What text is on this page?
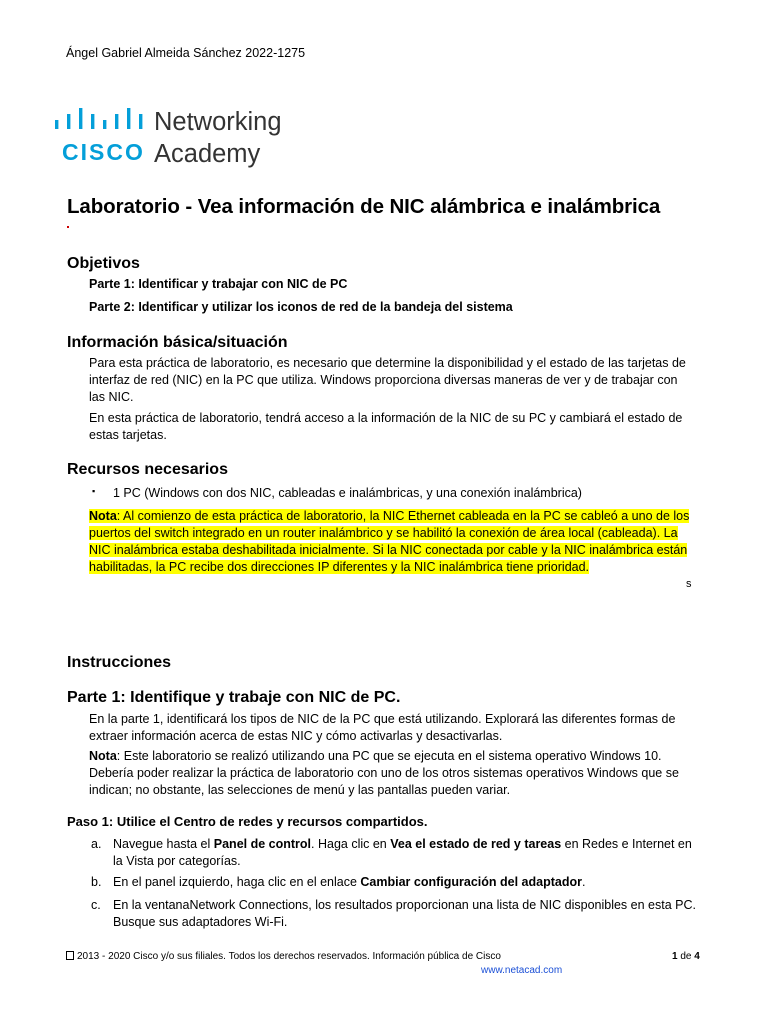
Ángel Gabriel Almeida Sánchez 2022-1275
CISCO
Networking
Academy
Laboratorio - Vea información de NIC alámbrica e inalámbrica
Objetivos
Parte 1: Identificar y trabajar con NIC de PC
Parte 2: Identificar y utilizar los iconos de red de la bandeja del sistema
Información básica/situación
Para esta práctica de laboratorio, es necesario que determine la disponibilidad y el estado de las tarjetas de
interfaz de red (NIC) en la PC que utiliza. Windows proporciona diversas maneras de ver y de trabajar con
las NIC.
En esta práctica de laboratorio, tendrá acceso a la información de la NIC de su PC y cambiará el estado de
estas tarjetas.
Recursos necesarios
▪ 1 PC (Windows con dos NIC, cableadas e inalámbricas, y una conexión inalámbrica)
Nota: Al comienzo de esta práctica de laboratorio, la NIC Ethernet cableada en la PC se cableó a uno de los
puertos del switch integrado en un router inalámbrico y se habilitó la conexión de área local (cableada). La
NIC inalámbrica estaba deshabilitada inicialmente. Si la NIC conectada por cable y la NIC inalámbrica están
habilitadas, la PC recibe dos direcciones IP diferentes y la NIC inalámbrica tiene prioridad.
s
Instrucciones
Parte 1: Identifique y trabaje con NIC de PC.
En la parte 1, identificará los tipos de NIC de la PC que está utilizando. Explorará las diferentes formas de
extraer información acerca de estas NIC y cómo activarlas y desactivarlas.
Nota: Este laboratorio se realizó utilizando una PC que se ejecuta en el sistema operativo Windows 10.
Debería poder realizar la práctica de laboratorio con uno de los otros sistemas operativos Windows que se
indican; no obstante, las selecciones de menú y las pantallas pueden variar.
Paso 1: Utilice el Centro de redes y recursos compartidos.
a. Navegue hasta el Panel de control. Haga clic en Vea el estado de red y tareas en Redes e Internet en
la Vista por categorías.
b. En el panel izquierdo, haga clic en el enlace Cambiar configuración del adaptador.
c. En la ventanaNetwork Connections, los resultados proporcionan una lista de NIC disponibles en esta PC.
Busque sus adaptadores Wi-Fi.
2013 - 2020 Cisco y/o sus filiales. Todos los derechos reservados. Información pública de Cisco	1 de 4
www.netacad.com
